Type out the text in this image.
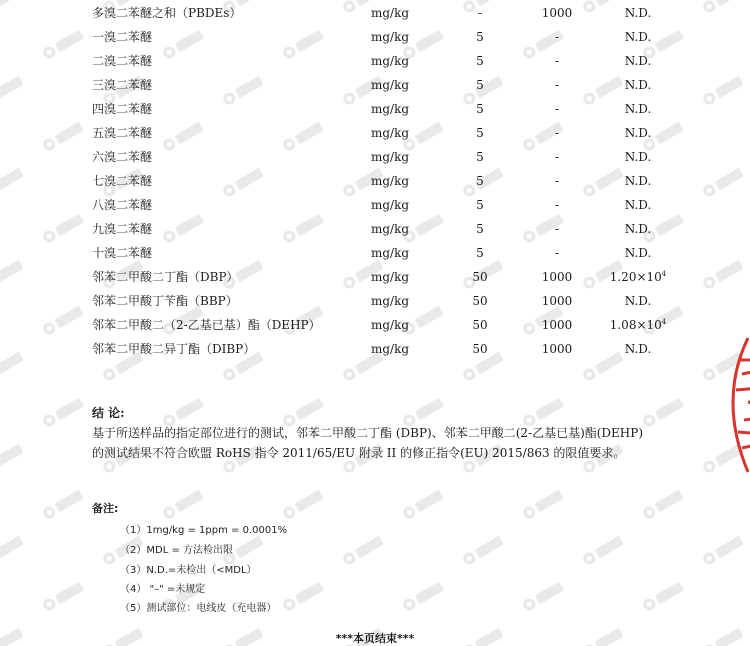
多溴二苯醚之和（PBDEs）	mg/kg	-	1000	N.D.
一溴二苯醚	mg/kg	5	-	N.D.
二溴二苯醚	mg/kg	5	-	N.D.
三溴二苯醚	mg/kg	5	-	N.D.
四溴二苯醚	mg/kg	5	-	N.D.
五溴二苯醚	mg/kg	5	-	N.D.
六溴二苯醚	mg/kg	5	-	N.D.
七溴二苯醚	mg/kg	5	-	N.D.
八溴二苯醚	mg/kg	5	-	N.D.
九溴二苯醚	mg/kg	5	-	N.D.
十溴二苯醚	mg/kg	5	-	N.D.
邻苯二甲酸二丁酯（DBP）	mg/kg	50	1000	$1.20\times 10^4$
邻苯二甲酸丁苄酯（BBP）	mg/kg	50	1000	N.D.
邻苯二甲酸二（2-乙基已基）酯（DEHP）	mg/kg	50	1000	$1.08\times 10^4$
邻苯二甲酸二异丁酯（DIBP）	mg/kg	50	1000	N.D.
结 论:
基于所送样品的指定部位进行的测试，邻苯二甲酸二丁酯 (DBP)、邻苯二甲酸二(2-乙基已基)酯(DEHP)
的测试结果不符合欧盟 RoHS 指令 2011/65/EU 附录 II 的修正指令(EU) 2015/863 的限值要求。
备注:
（1）1mg/kg = 1ppm = 0.0001%
（2）MDL = 方法检出限
（3）N.D.=未检出（<MDL）
（4） "–" =未规定
（5）测试部位：电线皮（充电器）
***本页结束***
